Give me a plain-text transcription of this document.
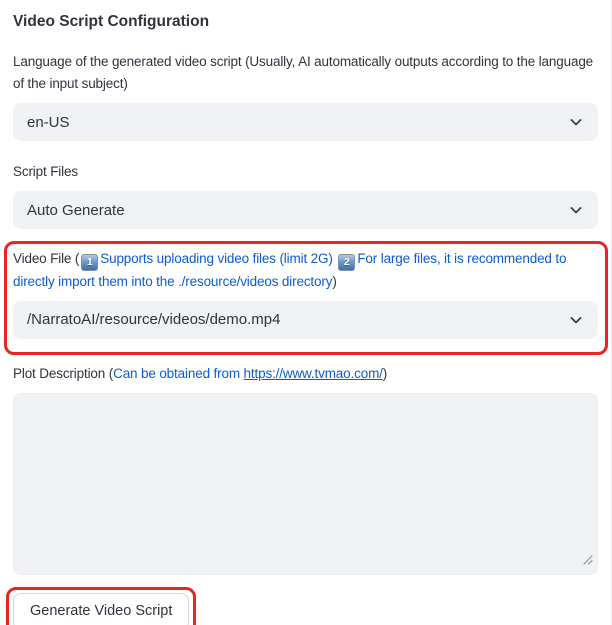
Video Script Configuration
Language of the generated video script (Usually, AI automatically outputs according to the language of the input subject)
en-US
Script Files
Auto Generate
Video File ( 1 Supports uploading video files (limit 2G) 2 For large files, it is recommended to directly import them into the ./resource/videos directory)
/NarratoAI/resource/videos/demo.mp4
Plot Description (Can be obtained from https://www.tvmao.com/)
Generate Video Script
